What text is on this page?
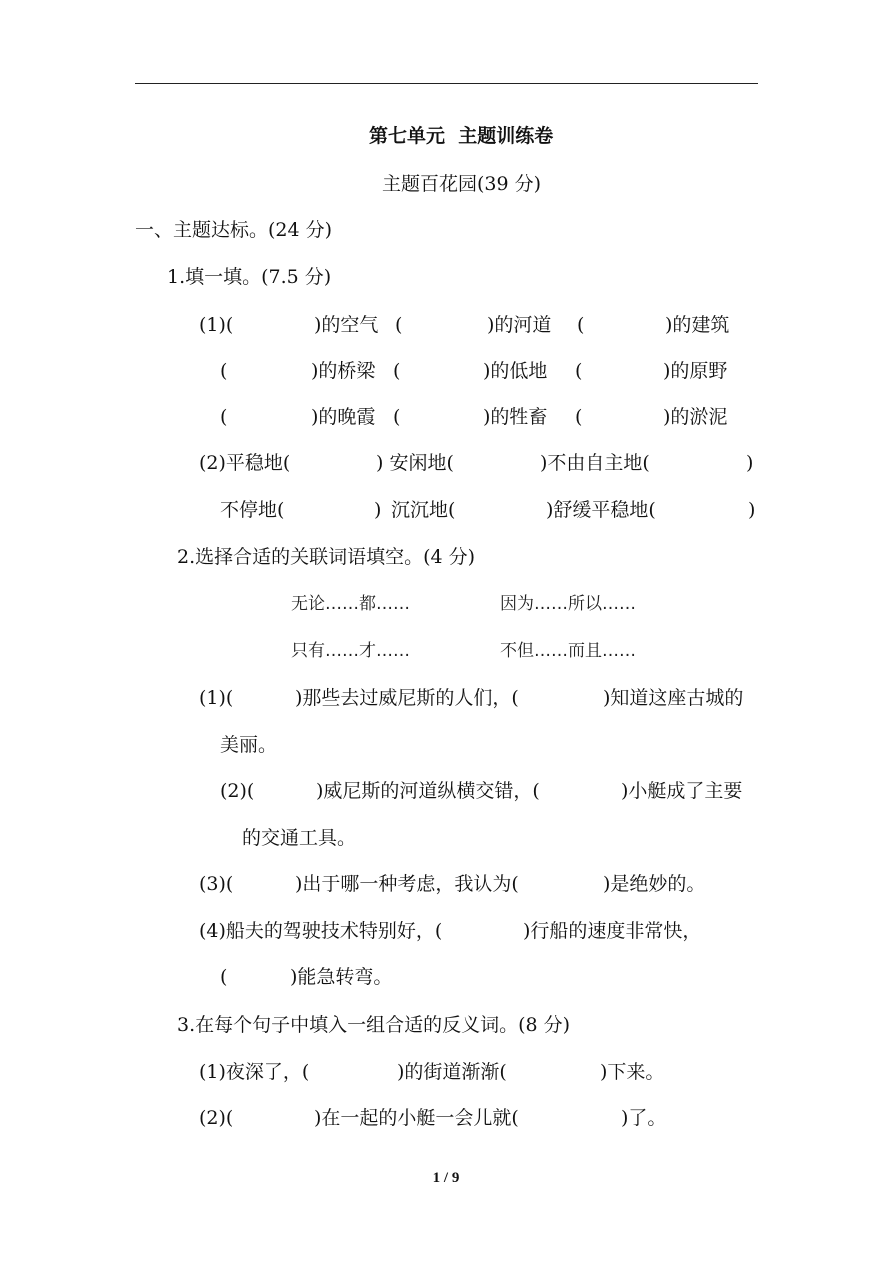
第七单元  主题训练卷
主题百花园(39 分)
一、主题达标。(24 分)
1.填一填。(7.5 分)
(1)(	)的空气 (	)的河道 (	)的建筑
(	)的桥梁 (	)的低地 (	)的原野
(	)的晚霞 (	)的牲畜 (	)的淤泥
(2)平稳地(	) 安闲地(	)不由自主地(	)
不停地(	) 沉沉地(	)舒缓平稳地(	)
2.选择合适的关联词语填空。(4 分)
无论……都……	因为……所以……
只有……才……	不但……而且……
(1)(	)那些去过威尼斯的人们，(	)知道这座古城的
美丽。
(2)(	)威尼斯的河道纵横交错，(	)小艇成了主要
的交通工具。
(3)(	)出于哪一种考虑，我认为(	)是绝妙的。
(4)船夫的驾驶技术特别好，(	)行船的速度非常快，
(	)能急转弯。
3.在每个句子中填入一组合适的反义词。(8 分)
(1)夜深了，(	)的街道渐渐(	)下来。
(2)(	)在一起的小艇一会儿就(	)了。
1 / 9
